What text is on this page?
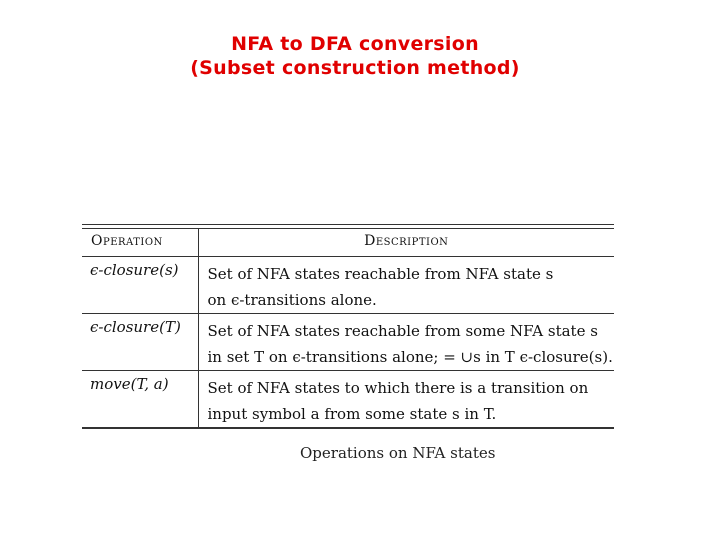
NFA to DFA conversion
(Subset construction method)
Operation	Description
ϵ-closure(s)	Set of NFA states reachable from NFA state s
on ϵ-transitions alone.

ϵ-closure(T)	Set of NFA states reachable from some NFA state s
in set T on ϵ-transitions alone; = ∪s in T ϵ-closure(s).

move(T, a)	Set of NFA states to which there is a transition on
input symbol a from some state s in T.
Operations on NFA states
